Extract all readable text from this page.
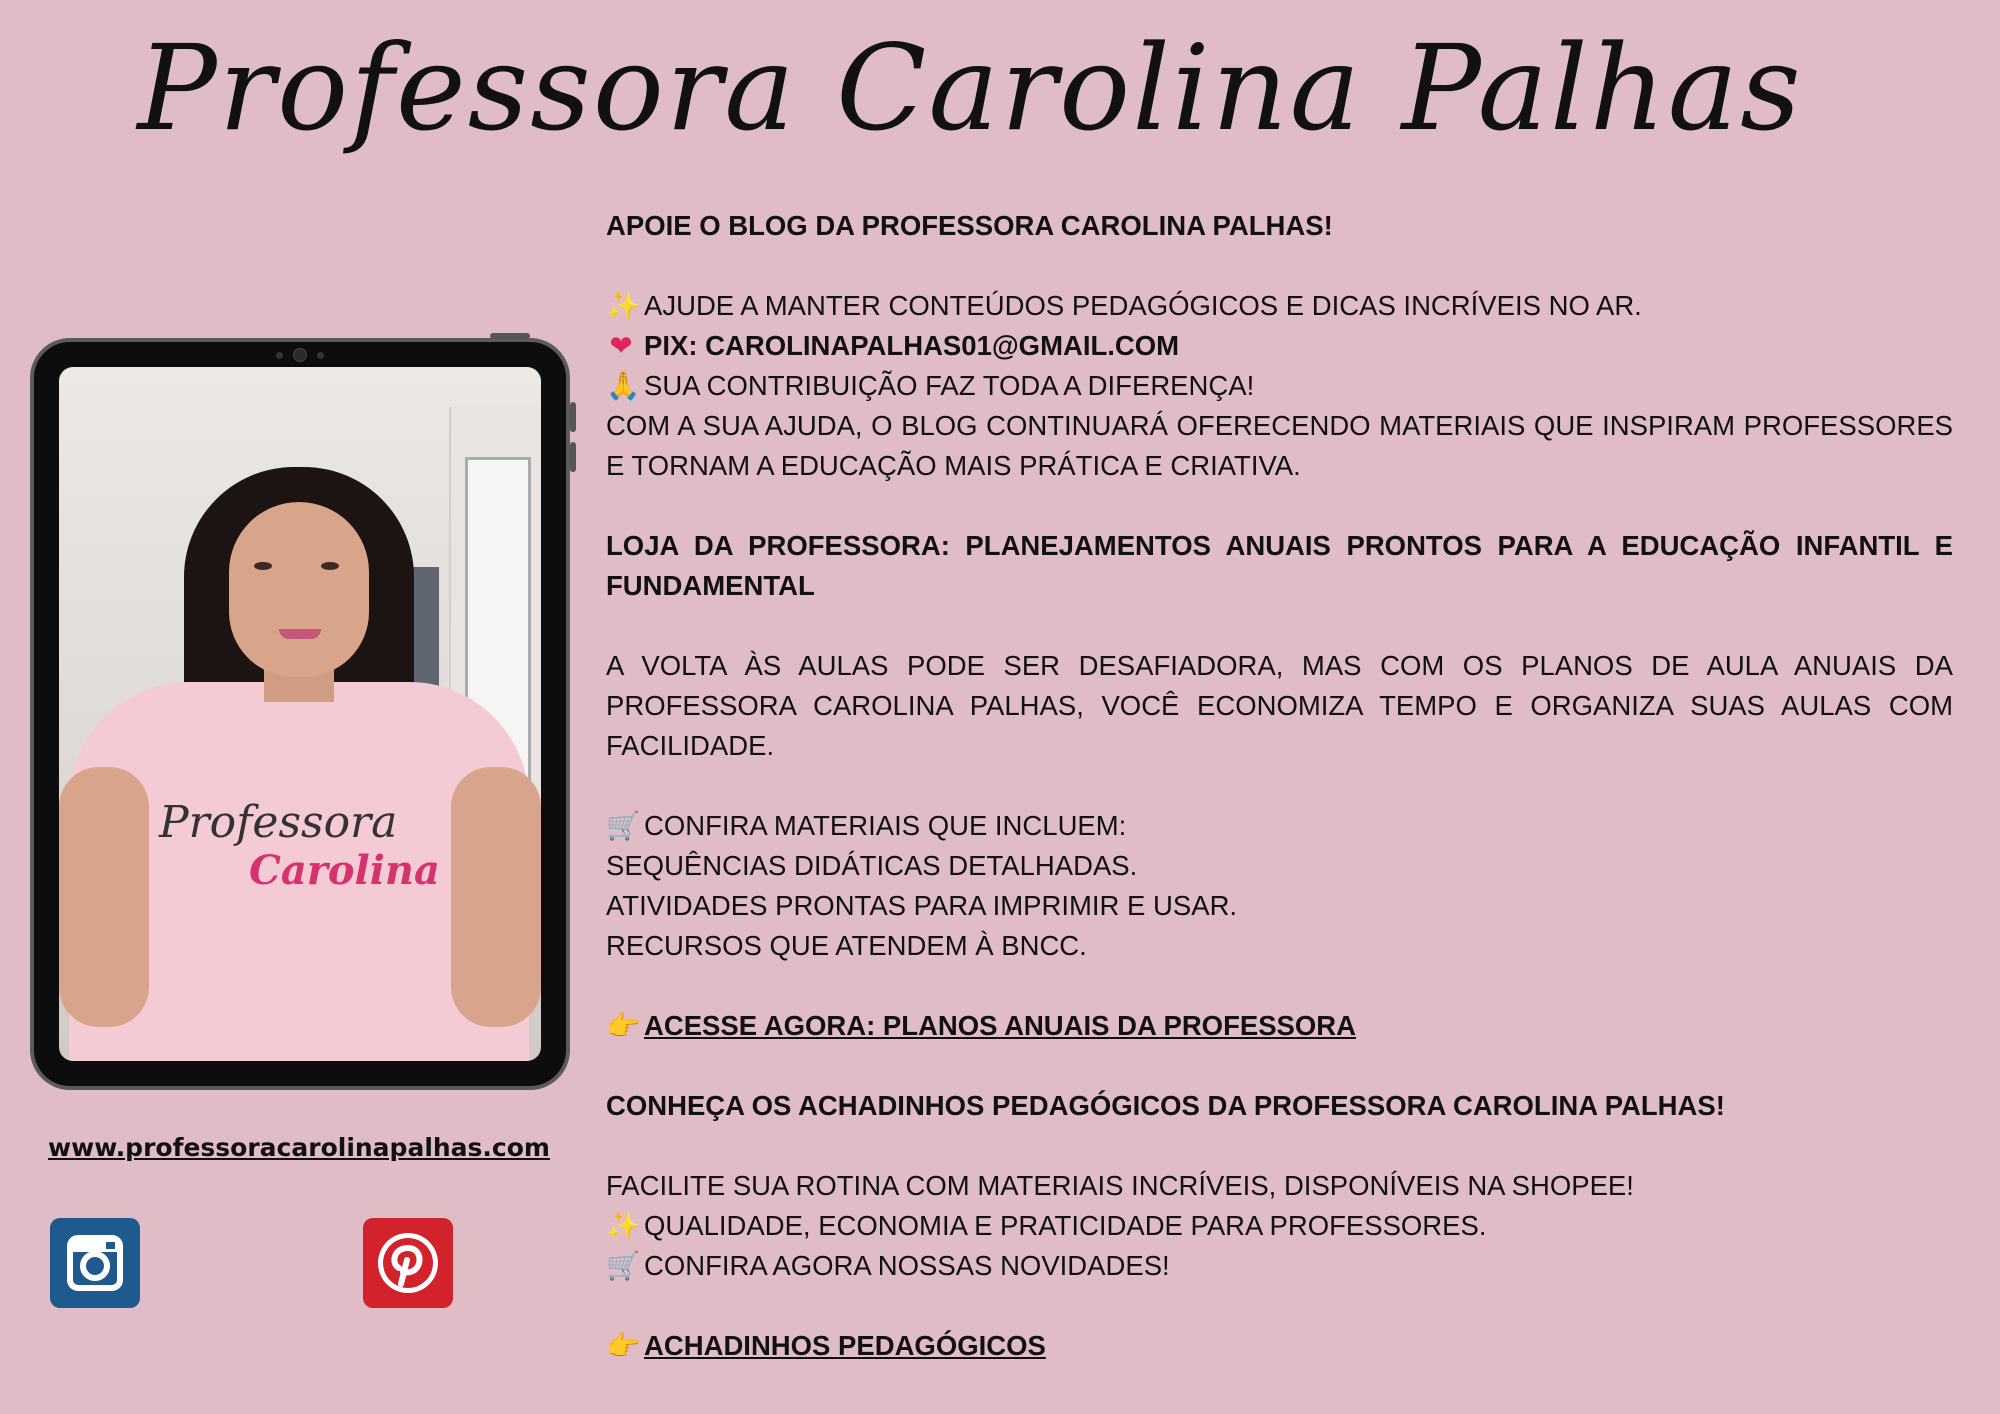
Professora Carolina Palhas
Professora
Carolina
www.professoracarolinapalhas.com

APOIE O BLOG DA PROFESSORA CAROLINA PALHAS!

✨ AJUDE A MANTER CONTEÚDOS PEDAGÓGICOS E DICAS INCRÍVEIS NO AR.

❤ PIX: CAROLINAPALHAS01@GMAIL.COM

🙏 SUA CONTRIBUIÇÃO FAZ TODA A DIFERENÇA!

COM A SUA AJUDA, O BLOG CONTINUARÁ OFERECENDO MATERIAIS QUE INSPIRAM PROFESSORES E TORNAM A EDUCAÇÃO MAIS PRÁTICA E CRIATIVA.

LOJA DA PROFESSORA: PLANEJAMENTOS ANUAIS PRONTOS PARA A EDUCAÇÃO INFANTIL E FUNDAMENTAL

A VOLTA ÀS AULAS PODE SER DESAFIADORA, MAS COM OS PLANOS DE AULA ANUAIS DA PROFESSORA CAROLINA PALHAS, VOCÊ ECONOMIZA TEMPO E ORGANIZA SUAS AULAS COM FACILIDADE.

🛒 CONFIRA MATERIAIS QUE INCLUEM:

SEQUÊNCIAS DIDÁTICAS DETALHADAS.

ATIVIDADES PRONTAS PARA IMPRIMIR E USAR.

RECURSOS QUE ATENDEM À BNCC.

👉 ACESSE AGORA: PLANOS ANUAIS DA PROFESSORA

CONHEÇA OS ACHADINHOS PEDAGÓGICOS DA PROFESSORA CAROLINA PALHAS!

FACILITE SUA ROTINA COM MATERIAIS INCRÍVEIS, DISPONÍVEIS NA SHOPEE!

✨ QUALIDADE, ECONOMIA E PRATICIDADE PARA PROFESSORES.

🛒 CONFIRA AGORA NOSSAS NOVIDADES!

👉 ACHADINHOS PEDAGÓGICOS
